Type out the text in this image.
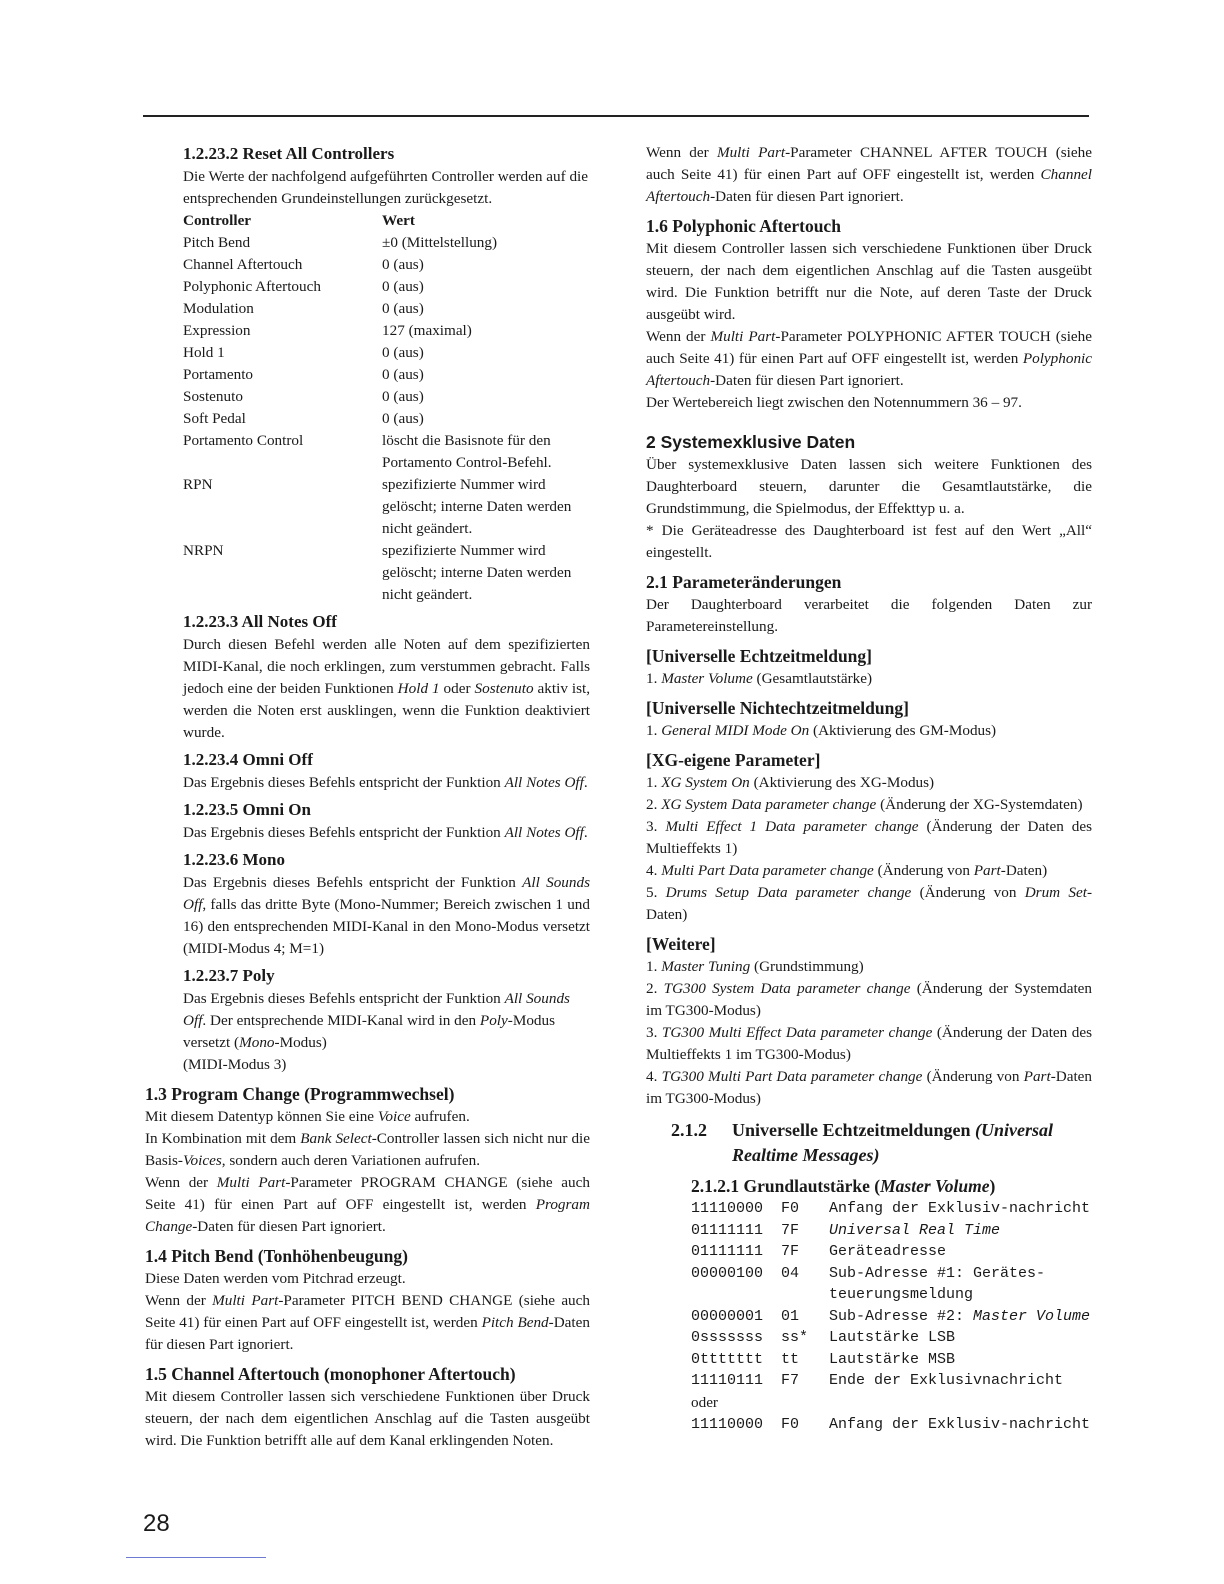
1.2.23.2 Reset All Controllers

Die Werte der nachfolgend aufgeführten Controller werden auf die entsprechenden Grundeinstellungen zurückgesetzt.

Controller	Wert
Pitch Bend	±0 (Mittelstellung)
Channel Aftertouch	0 (aus)
Polyphonic Aftertouch	0 (aus)
Modulation	0 (aus)
Expression	127 (maximal)
Hold 1	0 (aus)
Portamento	0 (aus)
Sostenuto	0 (aus)
Soft Pedal	0 (aus)
Portamento Control	löscht die Basisnote für den Portamento Control-Befehl.
RPN	spezifizierte Nummer wird gelöscht; interne Daten werden nicht geändert.
NRPN	spezifizierte Nummer wird gelöscht; interne Daten werden nicht geändert.
1.2.23.3 All Notes Off

Durch diesen Befehl werden alle Noten auf dem spezifizierten MIDI-Kanal, die noch erklingen, zum verstummen gebracht. Falls jedoch eine der beiden Funktionen Hold 1 oder Sostenuto aktiv ist, werden die Noten erst ausklingen, wenn die Funktion deaktiviert wurde.

1.2.23.4 Omni Off

Das Ergebnis dieses Befehls entspricht der Funktion All Notes Off.

1.2.23.5 Omni On

Das Ergebnis dieses Befehls entspricht der Funktion All Notes Off.

1.2.23.6 Mono

Das Ergebnis dieses Befehls entspricht der Funktion All Sounds Off, falls das dritte Byte (Mono-Nummer; Bereich zwischen 1 und 16) den entsprechenden MIDI-Kanal in den Mono-Modus versetzt (MIDI-Modus 4; M=1)

1.2.23.7 Poly

Das Ergebnis dieses Befehls entspricht der Funktion All Sounds Off. Der entsprechende MIDI-Kanal wird in den Poly-Modus versetzt (Mono-Modus)

(MIDI-Modus 3)

1.3 Program Change (Programmwechsel)

Mit diesem Datentyp können Sie eine Voice aufrufen.

In Kombination mit dem Bank Select-Controller lassen sich nicht nur die Basis-Voices, sondern auch deren Variationen aufrufen.

Wenn der Multi Part-Parameter PROGRAM CHANGE (siehe auch Seite 41) für einen Part auf OFF eingestellt ist, werden Program Change-Daten für diesen Part ignoriert.

1.4 Pitch Bend (Tonhöhenbeugung)

Diese Daten werden vom Pitchrad erzeugt.

Wenn der Multi Part-Parameter PITCH BEND CHANGE (siehe auch Seite 41) für einen Part auf OFF eingestellt ist, werden Pitch Bend-Daten für diesen Part ignoriert.

1.5 Channel Aftertouch (monophoner Aftertouch)

Mit diesem Controller lassen sich verschiedene Funktionen über Druck steuern, der nach dem eigentlichen Anschlag auf die Tasten ausgeübt wird. Die Funktion betrifft alle auf dem Kanal erklingenden Noten.

Wenn der Multi Part-Parameter CHANNEL AFTER TOUCH (siehe auch Seite 41) für einen Part auf OFF eingestellt ist, werden Channel Aftertouch-Daten für diesen Part ignoriert.

1.6 Polyphonic Aftertouch

Mit diesem Controller lassen sich verschiedene Funktionen über Druck steuern, der nach dem eigentlichen Anschlag auf die Tasten ausgeübt wird. Die Funktion betrifft nur die Note, auf deren Taste der Druck ausgeübt wird.

Wenn der Multi Part-Parameter POLYPHONIC AFTER TOUCH (siehe auch Seite 41) für einen Part auf OFF eingestellt ist, werden Polyphonic Aftertouch-Daten für diesen Part ignoriert.

Der Wertebereich liegt zwischen den Notennummern 36 – 97.

2 Systemexklusive Daten

Über systemexklusive Daten lassen sich weitere Funktionen des Daughterboard steuern, darunter die Gesamtlautstärke, die Grundstimmung, die Spielmodus, der Effekttyp u. a.

* Die Geräteadresse des Daughterboard ist fest auf den Wert „All“ eingestellt.

2.1 Parameteränderungen

Der Daughterboard verarbeitet die folgenden Daten zur Parametereinstellung.

[Universelle Echtzeitmeldung]

1. Master Volume (Gesamtlautstärke)

[Universelle Nichtechtzeitmeldung]

1. General MIDI Mode On (Aktivierung des GM-Modus)

[XG-eigene Parameter]

1. XG System On (Aktivierung des XG-Modus)

2. XG System Data parameter change (Änderung der XG-Systemdaten)

3. Multi Effect 1 Data parameter change (Änderung der Daten des Multieffekts 1)

4. Multi Part Data parameter change (Änderung von Part-Daten)

5. Drums Setup Data parameter change (Änderung von Drum Set-Daten)

[Weitere]

1. Master Tuning (Grundstimmung)

2. TG300 System Data parameter change (Änderung der Systemdaten im TG300-Modus)

3. TG300 Multi Effect Data parameter change (Änderung der Daten des Multieffekts 1 im TG300-Modus)

4. TG300 Multi Part Data parameter change (Änderung von Part-Daten im TG300-Modus)

2.1.2	Universelle Echtzeitmeldungen (Universal Realtime Messages)
2.1.2.1 Grundlautstärke (Master Volume)
11110000	F0	Anfang der Exklusiv-nachricht
01111111	7F	Universal Real Time
01111111	7F	Geräteadresse
00000100	04	Sub-Adresse #1: Gerätes-teuerungsmeldung
00000001	01	Sub-Adresse #2: Master Volume
0sssssss	ss*	Lautstärke LSB
0ttttttt	tt	Lautstärke MSB
11110111	F7	Ende der Exklusivnachricht
oder
11110000	F0	Anfang der Exklusiv-nachricht
28
